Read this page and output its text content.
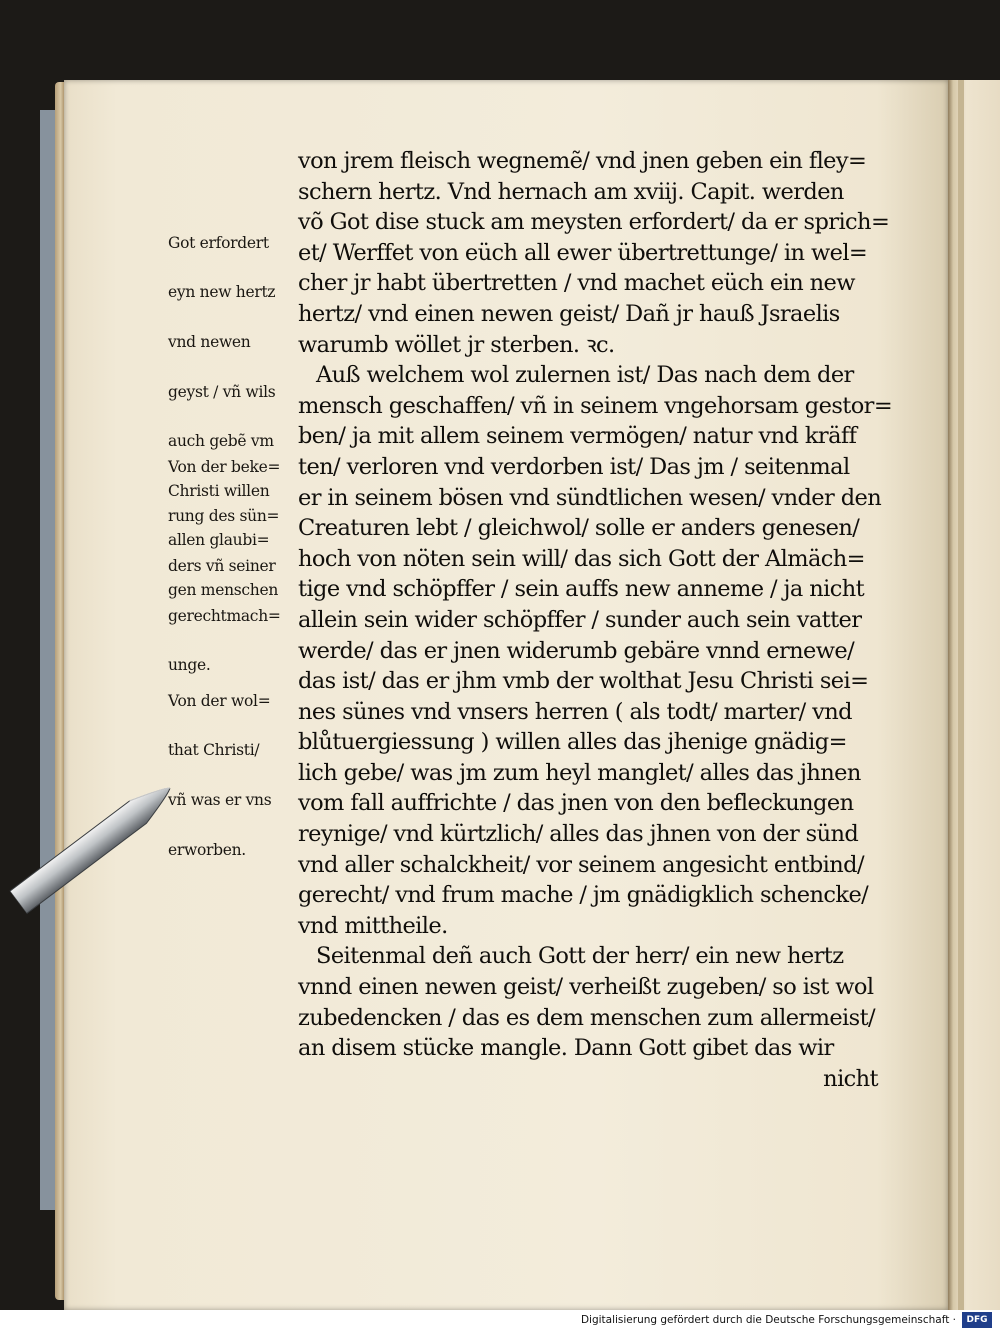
Got erfordert

eyn new hertz

vnd newen

geyst / vñ wils

auch gebẽ vm

Christi willen

allen glaubi=

gen menschen

Von der beke=

rung des sün=

ders vñ seiner

gerechtmach=

unge.

Von der wol=

that Christi/

vñ was er vns

erworben.

von jrem fleisch wegnemẽ/ vnd jnen geben ein fley=
schern hertz. Vnd hernach am xviij. Capit. werden
võ Got dise stuck am meysten erfordert/ da er sprich=
et/ Werffet von eüch all ewer übertrettunge/ in wel=
cher jr habt übertretten / vnd machet eüch ein new
hertz/ vnd einen newen geist/ Dañ jr hauß Jsraelis
warumb wöllet jr sterben. ꝛc.
Auß welchem wol zulernen ist/ Das nach dem der
mensch geschaffen/ vñ in seinem vngehorsam gestor=
ben/ ja mit allem seinem vermögen/ natur vnd kräff
ten/ verloren vnd verdorben ist/ Das jm / seitenmal
er in seinem bösen vnd sündtlichen wesen/ vnder den
Creaturen lebt / gleichwol/ solle er anders genesen/
hoch von nöten sein will/ das sich Gott der Almäch=
tige vnd schöpffer / sein auffs new anneme / ja nicht
allein sein wider schöpffer / sunder auch sein vatter
werde/ das er jnen widerumb gebäre vnnd ernewe/
das ist/ das er jhm vmb der wolthat Jesu Christi sei=
nes sünes vnd vnsers herren ( als todt/ marter/ vnd
blůtuergiessung ) willen alles das jhenige gnädig=
lich gebe/ was jm zum heyl manglet/ alles das jhnen
vom fall auffrichte / das jnen von den befleckungen
reynige/ vnd kürtzlich/ alles das jhnen von der sünd
vnd aller schalckheit/ vor seinem angesicht entbind/
gerecht/ vnd frum mache / jm gnädigklich schencke/
vnd mittheile.
Seitenmal deñ auch Gott der herr/ ein new hertz
vnnd einen newen geist/ verheißt zugeben/ so ist wol
zubedencken / das es dem menschen zum allermeist/
an disem stücke mangle. Dann Gott gibet das wir
nicht
Digitalisierung gefördert durch die Deutsche Forschungsgemeinschaft ·	DFG
